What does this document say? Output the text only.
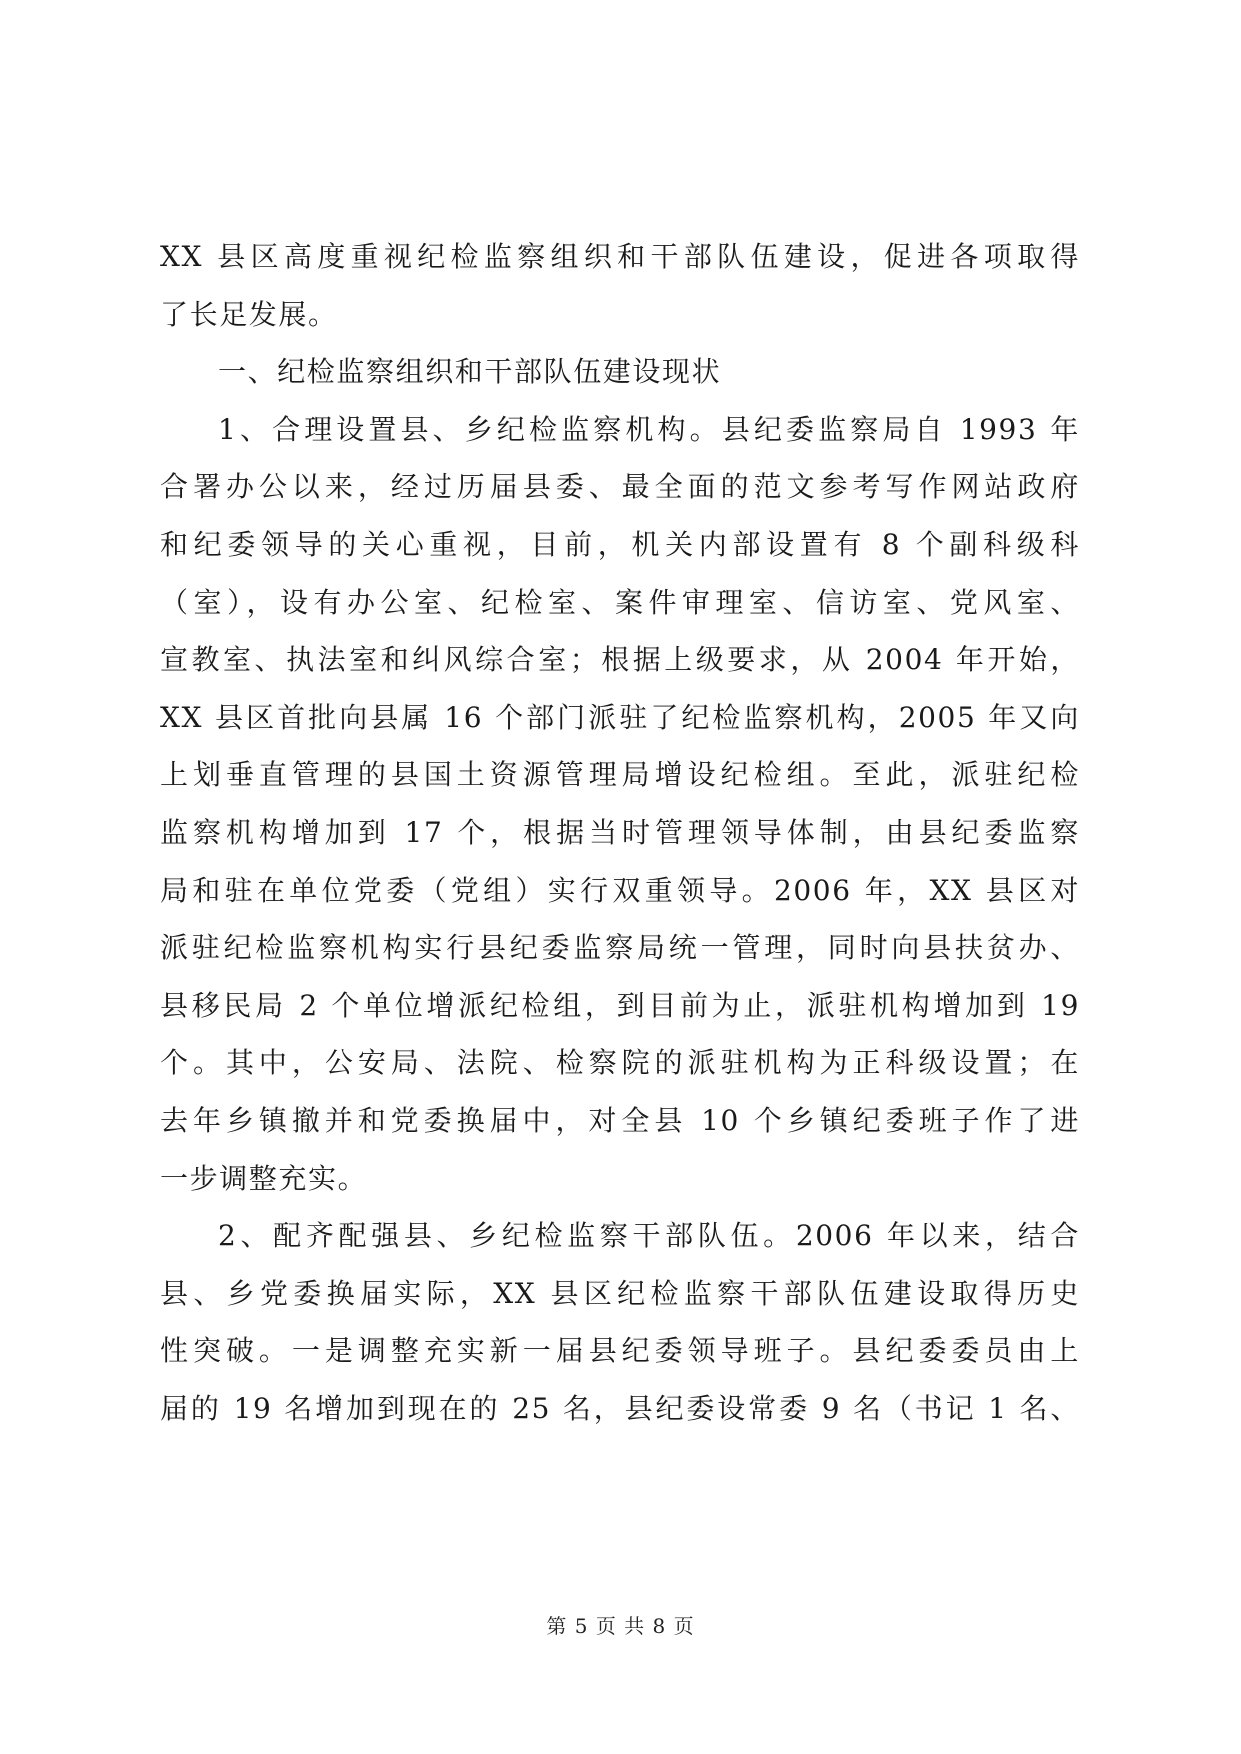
XX 县区高度重视纪检监察组织和干部队伍建设，促进各项取得
了长足发展。
一、纪检监察组织和干部队伍建设现状
1、合理设置县、乡纪检监察机构。县纪委监察局自 1993 年
合署办公以来，经过历届县委、最全面的范文参考写作网站政府
和纪委领导的关心重视，目前，机关内部设置有 8 个副科级科
（室），设有办公室、纪检室、案件审理室、信访室、党风室、
宣教室、执法室和纠风综合室；根据上级要求，从 2004 年开始，
XX 县区首批向县属 16 个部门派驻了纪检监察机构，2005 年又向
上划垂直管理的县国土资源管理局增设纪检组。至此，派驻纪检
监察机构增加到 17 个，根据当时管理领导体制，由县纪委监察
局和驻在单位党委（党组）实行双重领导。2006 年，XX 县区对
派驻纪检监察机构实行县纪委监察局统一管理，同时向县扶贫办、
县移民局 2 个单位增派纪检组，到目前为止，派驻机构增加到 19
个。其中，公安局、法院、检察院的派驻机构为正科级设置；在
去年乡镇撤并和党委换届中，对全县 10 个乡镇纪委班子作了进
一步调整充实。
2、配齐配强县、乡纪检监察干部队伍。2006 年以来，结合
县、乡党委换届实际，XX 县区纪检监察干部队伍建设取得历史
性突破。一是调整充实新一届县纪委领导班子。县纪委委员由上
届的 19 名增加到现在的 25 名，县纪委设常委 9 名（书记 1 名、
第 5 页 共 8 页
